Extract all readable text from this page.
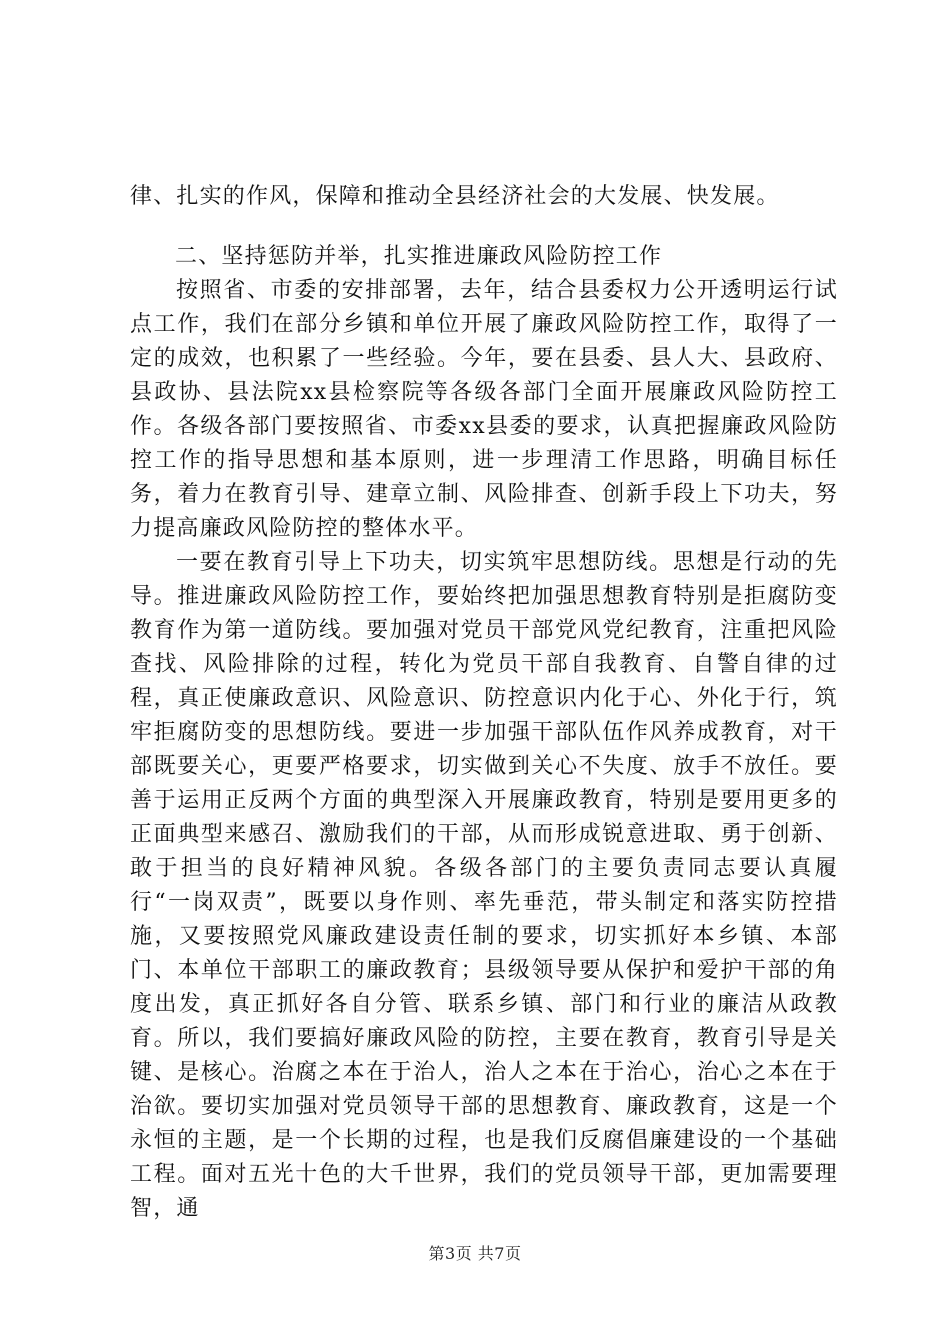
律、扎实的作风，保障和推动全县经济社会的大发展、快发展。

二、坚持惩防并举，扎实推进廉政风险防控工作

按照省、市委的安排部署，去年，结合县委权力公开透明运行试点工作，我们在部分乡镇和单位开展了廉政风险防控工作，取得了一定的成效，也积累了一些经验。今年，要在县委、县人大、县政府、县政协、县法院xx县检察院等各级各部门全面开展廉政风险防控工作。各级各部门要按照省、市委xx县委的要求，认真把握廉政风险防控工作的指导思想和基本原则，进一步理清工作思路，明确目标任务，着力在教育引导、建章立制、风险排查、创新手段上下功夫，努力提高廉政风险防控的整体水平。

一要在教育引导上下功夫，切实筑牢思想防线。思想是行动的先导。推进廉政风险防控工作，要始终把加强思想教育特别是拒腐防变教育作为第一道防线。要加强对党员干部党风党纪教育，注重把风险查找、风险排除的过程，转化为党员干部自我教育、自警自律的过程，真正使廉政意识、风险意识、防控意识内化于心、外化于行，筑牢拒腐防变的思想防线。要进一步加强干部队伍作风养成教育，对干部既要关心，更要严格要求，切实做到关心不失度、放手不放任。要善于运用正反两个方面的典型深入开展廉政教育，特别是要用更多的正面典型来感召、激励我们的干部，从而形成锐意进取、勇于创新、敢于担当的良好精神风貌。各级各部门的主要负责同志要认真履行“一岗双责”，既要以身作则、率先垂范，带头制定和落实防控措施，又要按照党风廉政建设责任制的要求，切实抓好本乡镇、本部门、本单位干部职工的廉政教育；县级领导要从保护和爱护干部的角度出发，真正抓好各自分管、联系乡镇、部门和行业的廉洁从政教育。所以，我们要搞好廉政风险的防控，主要在教育，教育引导是关键、是核心。治腐之本在于治人，治人之本在于治心，治心之本在于治欲。要切实加强对党员领导干部的思想教育、廉政教育，这是一个永恒的主题，是一个长期的过程，也是我们反腐倡廉建设的一个基础工程。面对五光十色的大千世界，我们的党员领导干部，更加需要理智，通

第3页 共7页
